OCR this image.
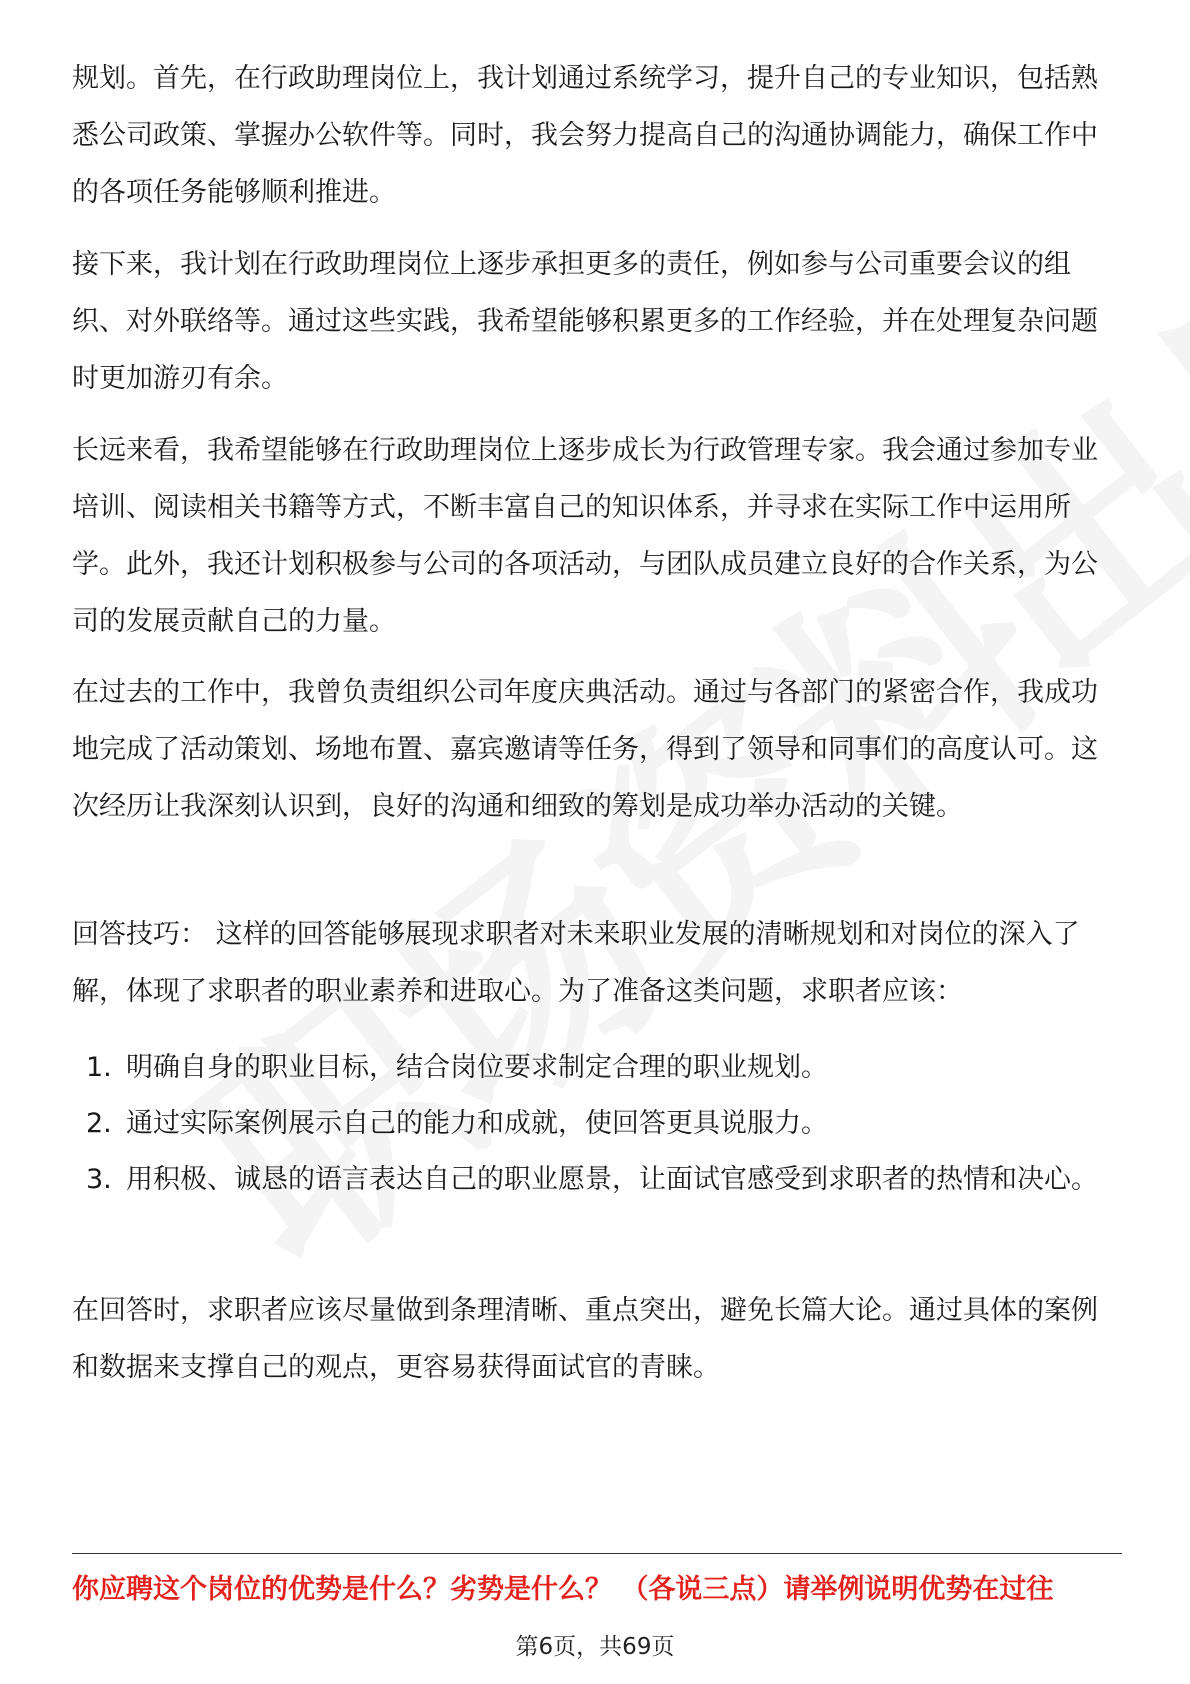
规划。首先，在行政助理岗位上，我计划通过系统学习，提升自己的专业知识，包括熟悉公司政策、掌握办公软件等。同时，我会努力提高自己的沟通协调能力，确保工作中的各项任务能够顺利推进。

接下来，我计划在行政助理岗位上逐步承担更多的责任，例如参与公司重要会议的组织、对外联络等。通过这些实践，我希望能够积累更多的工作经验，并在处理复杂问题时更加游刃有余。

长远来看，我希望能够在行政助理岗位上逐步成长为行政管理专家。我会通过参加专业培训、阅读相关书籍等方式，不断丰富自己的知识体系，并寻求在实际工作中运用所学。此外，我还计划积极参与公司的各项活动，与团队成员建立良好的合作关系，为公司的发展贡献自己的力量。

在过去的工作中，我曾负责组织公司年度庆典活动。通过与各部门的紧密合作，我成功地完成了活动策划、场地布置、嘉宾邀请等任务，得到了领导和同事们的高度认可。这次经历让我深刻认识到，良好的沟通和细致的筹划是成功举办活动的关键。

回答技巧： 这样的回答能够展现求职者对未来职业发展的清晰规划和对岗位的深入了解，体现了求职者的职业素养和进取心。为了准备这类问题，求职者应该：

1. 明确自身的职业目标，结合岗位要求制定合理的职业规划。
2. 通过实际案例展示自己的能力和成就，使回答更具说服力。
3. 用积极、诚恳的语言表达自己的职业愿景，让面试官感受到求职者的热情和决心。

在回答时，求职者应该尽量做到条理清晰、重点突出，避免长篇大论。通过具体的案例和数据来支撑自己的观点，更容易获得面试官的青睐。

你应聘这个岗位的优势是什么？劣势是什么？ （各说三点）请举例说明优势在过往
第6页，共69页
